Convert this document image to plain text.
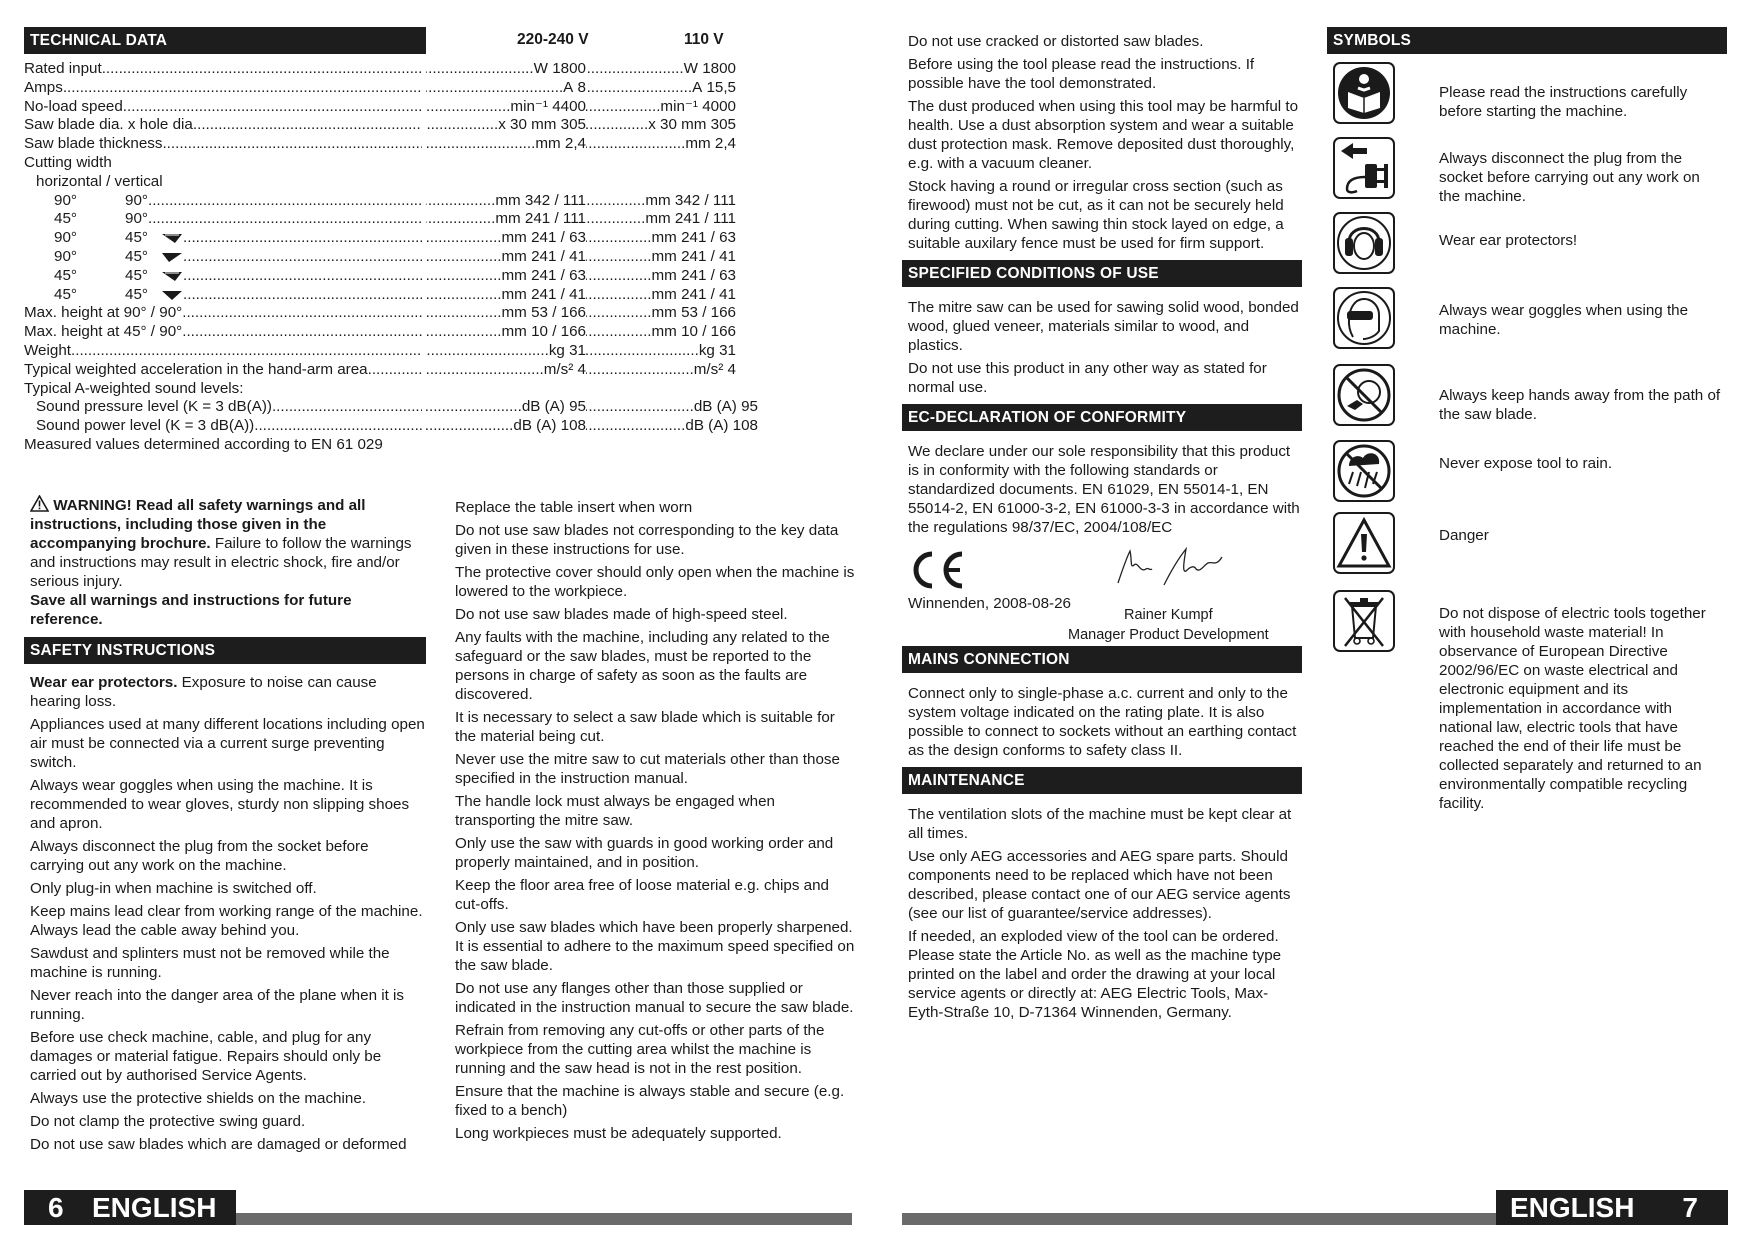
TECHNICAL DATA	220-240 V	110 V
Rated input .....	1800 W .....	1800 W .....
Amps .....	8 A .....	15,5 A .....
No-load speed .....	4400 min⁻¹ .....	4000 min⁻¹ .....
Saw blade dia. x hole dia. .....	305 x 30 mm .....	305 x 30 mm .....
Saw blade thickness .....	2,4 mm .....	2,4 mm .....
Cutting width
horizontal / vertical
90°	90° .....	111 / 342 mm .....	111 / 342 mm .....
45°	90° .....	111 / 241 mm .....	111 / 241 mm .....
90°	45° .....	63 / 241 mm .....	63 / 241 mm .....
90°	45° .....	41 / 241 mm .....	41 / 241 mm .....
45°	45° .....	63 / 241 mm .....	63 / 241 mm .....
45°	45° .....	41 / 241 mm .....	41 / 241 mm .....
Max. height at 90° / 90° .....	166 / 53 mm .....	166 / 53 mm .....
Max. height at 45° / 90° .....	166 / 10 mm .....	166 / 10 mm .....
Weight .....	31 kg .....	31 kg .....
Typical weighted acceleration in the hand-arm area .....	4 m/s² .....	4 m/s² .....
Typical A-weighted sound levels:
Sound pressure level (K = 3 dB(A)) .....	95 dB (A) .....	95 dB (A) .....
Sound power level (K = 3 dB(A)) .....	108 dB (A) .....	108 dB (A) .....
Measured values determined according to EN 61 029

WARNING! Read all safety warnings and all instructions, including those given in the accompanying brochure. Failure to follow the warnings and instructions may result in electric shock, fire and/or serious injury.
Save all warnings and instructions for future reference.

SAFETY INSTRUCTIONS

Wear ear protectors. Exposure to noise can cause hearing loss.

Appliances used at many different locations including open air must be connected via a current surge preventing switch.

Always wear goggles when using the machine. It is recommended to wear gloves, sturdy non slipping shoes and apron.

Always disconnect the plug from the socket before carrying out any work on the machine.

Only plug-in when machine is switched off.

Keep mains lead clear from working range of the machine. Always lead the cable away behind you.

Sawdust and splinters must not be removed while the machine is running.

Never reach into the danger area of the plane when it is running.

Before use check machine, cable, and plug for any damages or material fatigue. Repairs should only be carried out by authorised Service Agents.

Always use the protective shields on the machine.

Do not clamp the protective swing guard.

Do not use saw blades which are damaged or deformed

Replace the table insert when worn

Do not use saw blades not corresponding to the key data given in these instructions for use.

The protective cover should only open when the machine is lowered to the workpiece.

Do not use saw blades made of high-speed steel.

Any faults with the machine, including any related to the safeguard or the saw blades, must be reported to the persons in charge of safety as soon as the faults are discovered.

It is necessary to select a saw blade which is suitable for the material being cut.

Never use the mitre saw to cut materials other than those specified in the instruction manual.

The handle lock must always be engaged when transporting the mitre saw.

Only use the saw with guards in good working order and properly maintained, and in position.

Keep the floor area free of loose material e.g. chips and cut-offs.

Only use saw blades which have been properly sharpened. It is essential to adhere to the maximum speed specified on the saw blade.

Do not use any flanges other than those supplied or indicated in the instruction manual to secure the saw blade.

Refrain from removing any cut-offs or other parts of the workpiece from the cutting area whilst the machine is running and the saw head is not in the rest position.

Ensure that the machine is always stable and secure (e.g. fixed to a bench)

Long workpieces must be adequately supported.

Do not use cracked or distorted saw blades.

Before using the tool please read the instructions. If possible have the tool demonstrated.

The dust produced when using this tool may be harmful to health. Use a dust absorption system and wear a suitable dust protection mask. Remove deposited dust thoroughly, e.g. with a vacuum cleaner.

Stock having a round or irregular cross section (such as firewood) must not be cut, as it can not be securely held during cutting. When sawing thin stock layed on edge, a suitable auxilary fence must be used for firm support.

SPECIFIED CONDITIONS OF USE

The mitre saw can be used for sawing solid wood, bonded wood, glued veneer, materials similar to wood, and plastics.

Do not use this product in any other way as stated for normal use.

EC-DECLARATION OF CONFORMITY

We declare under our sole responsibility that this product is in conformity with the following standards or standardized documents. EN 61029, EN 55014-1, EN 55014-2, EN 61000-3-2, EN 61000-3-3 in accordance with the regulations 98/37/EC, 2004/108/EC

Winnenden, 2008-08-26
Rainer Kumpf
Manager Product Development
MAINS CONNECTION

Connect only to single-phase a.c. current and only to the system voltage indicated on the rating plate. It is also possible to connect to sockets without an earthing contact as the design conforms to safety class II.

MAINTENANCE

The ventilation slots of the machine must be kept clear at all times.

Use only AEG accessories and AEG spare parts. Should components need to be replaced which have not been described, please contact one of our AEG service agents (see our list of guarantee/service addresses).

If needed, an exploded view of the tool can be ordered. Please state the Article No. as well as the machine type printed on the label and order the drawing at your local service agents or directly at: AEG Electric Tools, Max-Eyth-Straße 10, D-71364 Winnenden, Germany.

SYMBOLS
Please read the instructions carefully before starting the machine.
Always disconnect the plug from the socket before carrying out any work on the machine.
Wear ear protectors!
Always wear goggles when using the machine.
Always keep hands away from the path of the saw blade.
Never expose tool to rain.
Danger
Do not dispose of electric tools together with household waste material! In observance of European Directive 2002/96/EC on waste electrical and electronic equipment and its implementation in accordance with national law, electric tools that have reached the end of their life must be collected separately and returned to an environmentally compatible recycling facility.
6 ENGLISH	ENGLISH 7
